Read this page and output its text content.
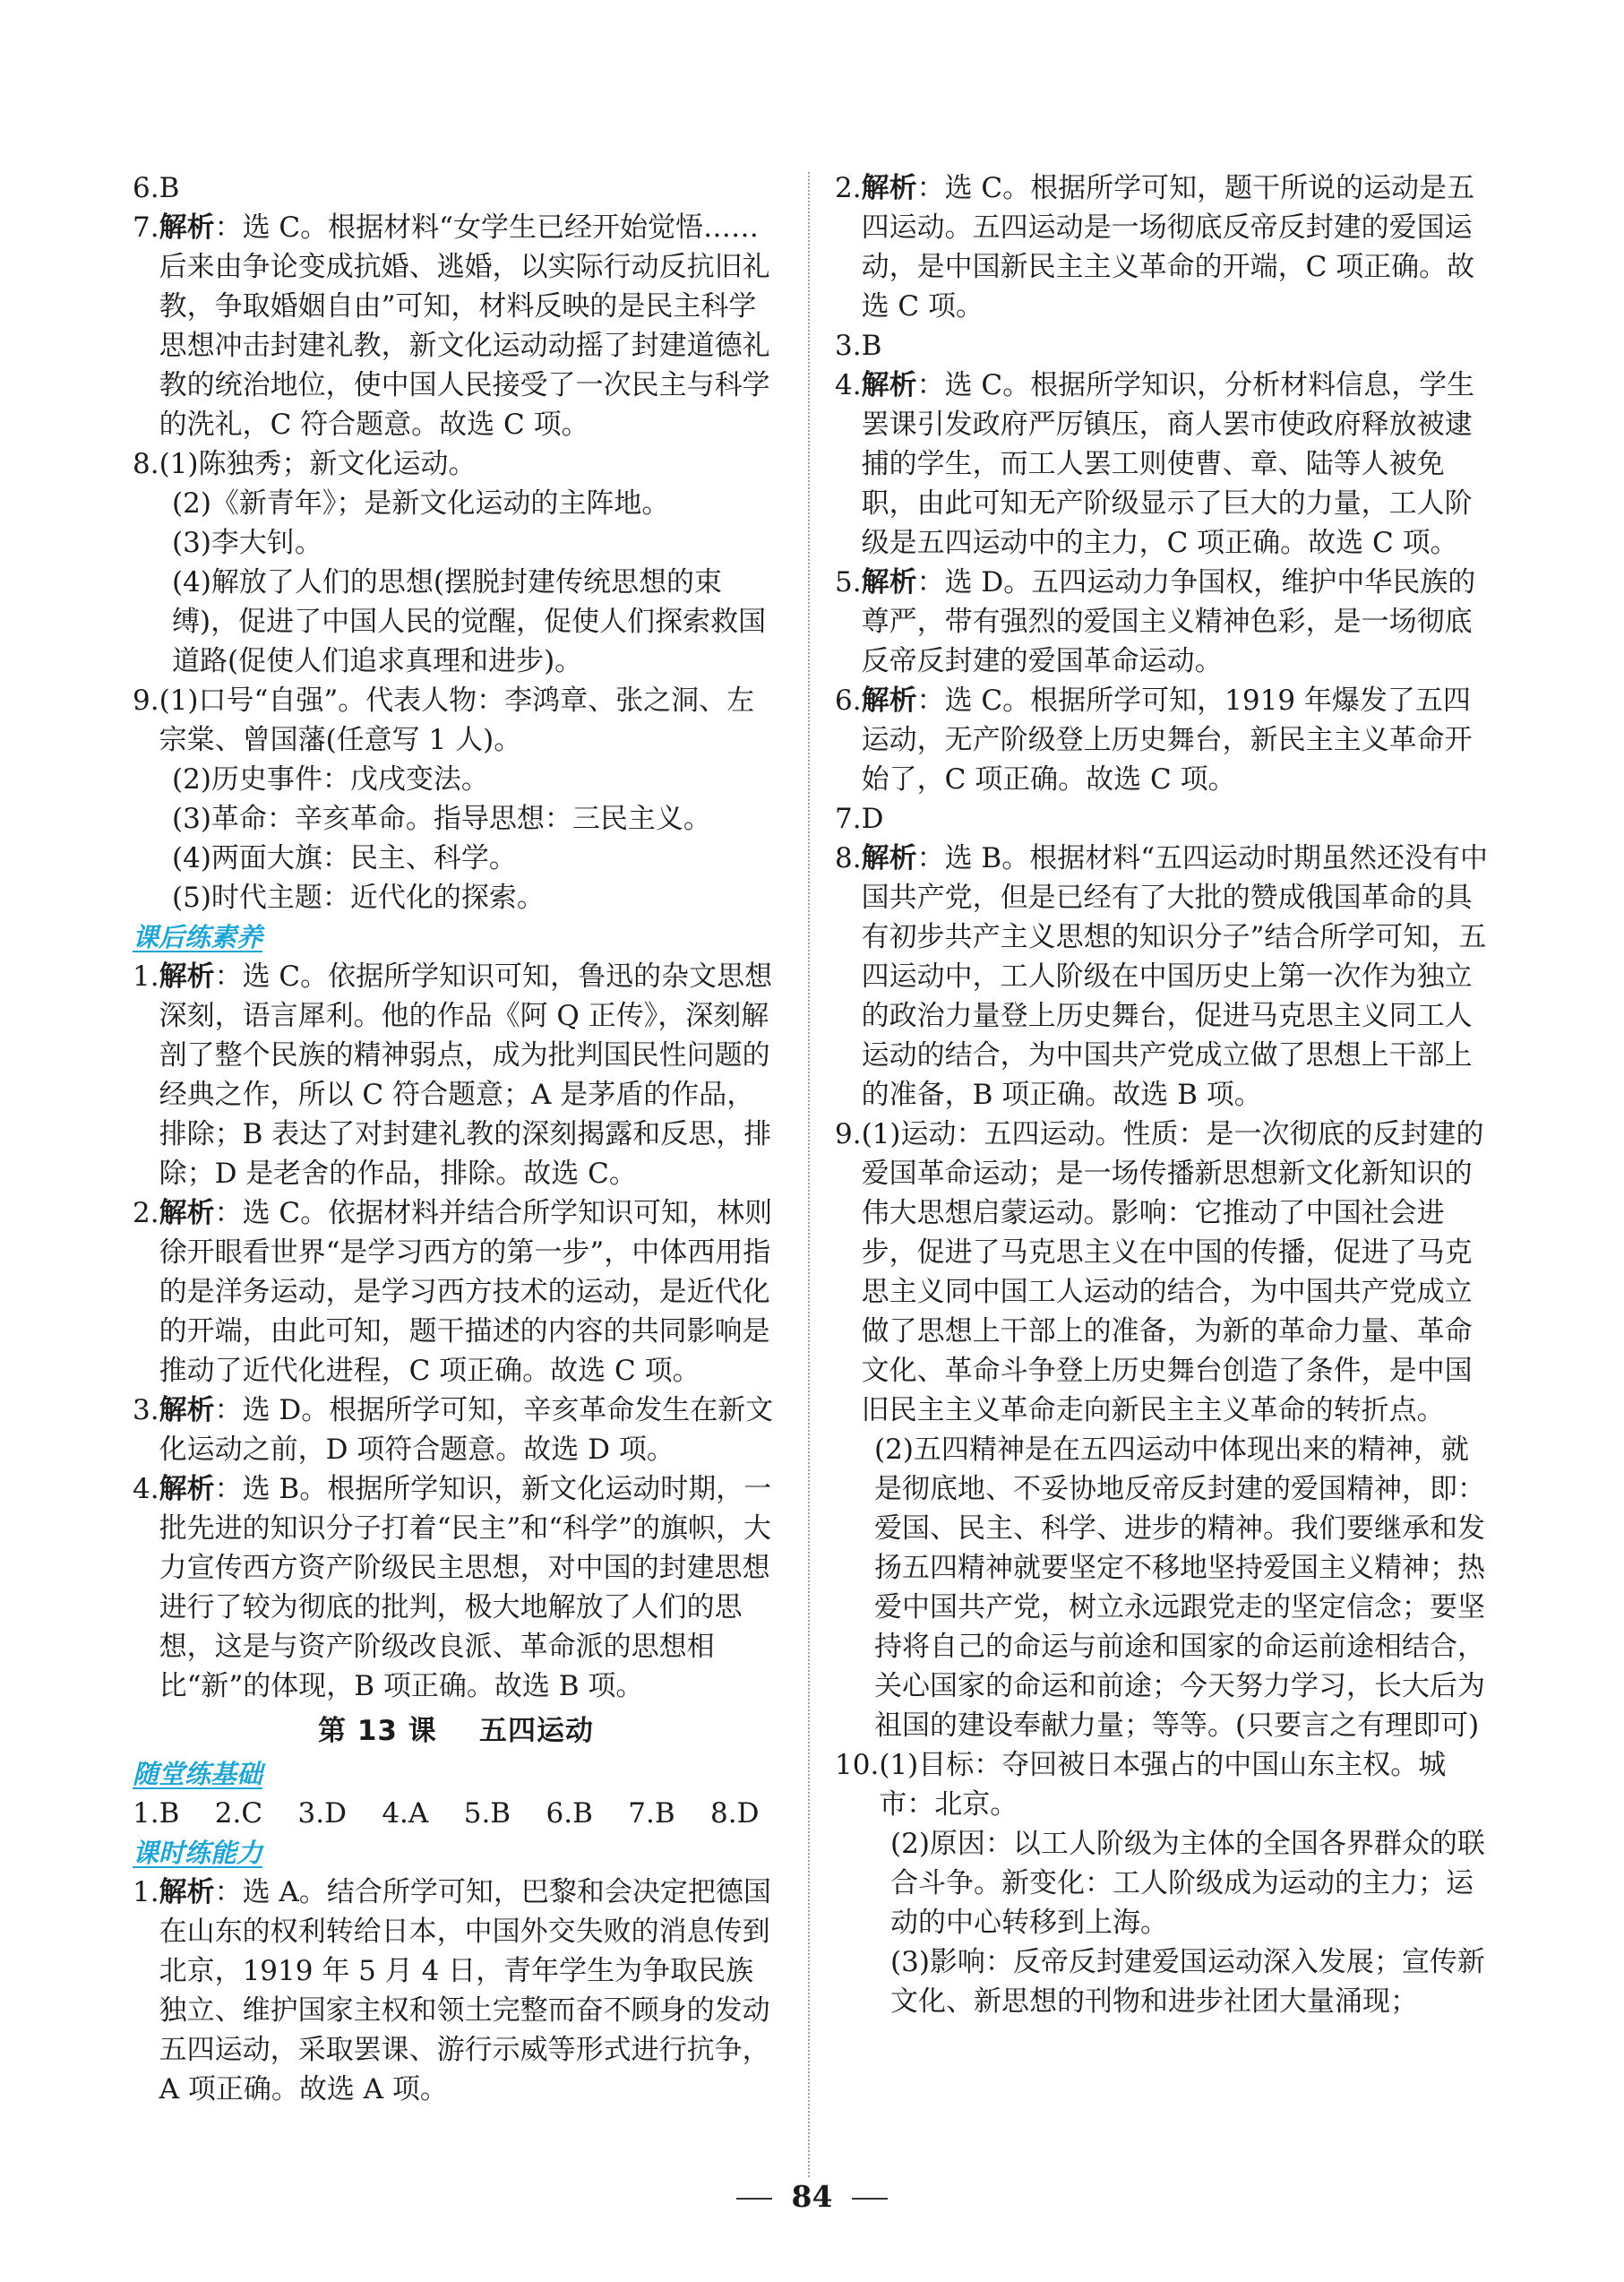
6. B
7. 解析：选 C。根据材料“女学生已经开始觉悟……后来由争论变成抗婚、逃婚，以实际行动反抗旧礼教，争取婚姻自由”可知，材料反映的是民主科学思想冲击封建礼教，新文化运动动摇了封建道德礼教的统治地位，使中国人民接受了一次民主与科学的洗礼，C 符合题意。故选 C 项。
8. (1)陈独秀；新文化运动。
(2)《新青年》；是新文化运动的主阵地。
(3)李大钊。
(4)解放了人们的思想(摆脱封建传统思想的束缚)，促进了中国人民的觉醒，促使人们探索救国道路(促使人们追求真理和进步)。
9. (1)口号“自强”。代表人物：李鸿章、张之洞、左宗棠、曾国藩(任意写 1 人)。
(2)历史事件：戊戌变法。
(3)革命：辛亥革命。指导思想：三民主义。
(4)两面大旗：民主、科学。
(5)时代主题：近代化的探索。
课后练素养
1. 解析：选 C。依据所学知识可知，鲁迅的杂文思想深刻，语言犀利。他的作品《阿 Q 正传》，深刻解剖了整个民族的精神弱点，成为批判国民性问题的经典之作，所以 C 符合题意；A 是茅盾的作品，排除；B 表达了对封建礼教的深刻揭露和反思，排除；D 是老舍的作品，排除。故选 C。
2. 解析：选 C。依据材料并结合所学知识可知，林则徐开眼看世界“是学习西方的第一步”，中体西用指的是洋务运动，是学习西方技术的运动，是近代化的开端，由此可知，题干描述的内容的共同影响是推动了近代化进程，C 项正确。故选 C 项。
3. 解析：选 D。根据所学可知，辛亥革命发生在新文化运动之前，D 项符合题意。故选 D 项。
4. 解析：选 B。根据所学知识，新文化运动时期，一批先进的知识分子打着“民主”和“科学”的旗帜，大力宣传西方资产阶级民主思想，对中国的封建思想进行了较为彻底的批判，极大地解放了人们的思想，这是与资产阶级改良派、革命派的思想相比“新”的体现，B 项正确。故选 B 项。
第 13 课    五四运动
随堂练基础
1.B    2.C    3.D    4.A    5.B    6.B    7.B    8.D
课时练能力
1. 解析：选 A。结合所学可知，巴黎和会决定把德国在山东的权利转给日本，中国外交失败的消息传到北京，1919 年 5 月 4 日，青年学生为争取民族独立、维护国家主权和领土完整而奋不顾身的发动五四运动，采取罢课、游行示威等形式进行抗争，A 项正确。故选 A 项。
2. 解析：选 C。根据所学可知，题干所说的运动是五四运动。五四运动是一场彻底反帝反封建的爱国运动，是中国新民主主义革命的开端，C 项正确。故选 C 项。
3. B
4. 解析：选 C。根据所学知识，分析材料信息，学生罢课引发政府严厉镇压，商人罢市使政府释放被逮捕的学生，而工人罢工则使曹、章、陆等人被免职，由此可知无产阶级显示了巨大的力量，工人阶级是五四运动中的主力，C 项正确。故选 C 项。
5. 解析：选 D。五四运动力争国权，维护中华民族的尊严，带有强烈的爱国主义精神色彩，是一场彻底反帝反封建的爱国革命运动。
6. 解析：选 C。根据所学可知，1919 年爆发了五四运动，无产阶级登上历史舞台，新民主主义革命开始了，C 项正确。故选 C 项。
7. D
8. 解析：选 B。根据材料“五四运动时期虽然还没有中国共产党，但是已经有了大批的赞成俄国革命的具有初步共产主义思想的知识分子”结合所学可知，五四运动中，工人阶级在中国历史上第一次作为独立的政治力量登上历史舞台，促进马克思主义同工人运动的结合，为中国共产党成立做了思想上干部上的准备，B 项正确。故选 B 项。
9. (1)运动：五四运动。性质：是一次彻底的反封建的爱国革命运动；是一场传播新思想新文化新知识的伟大思想启蒙运动。影响：它推动了中国社会进步，促进了马克思主义在中国的传播，促进了马克思主义同中国工人运动的结合，为中国共产党成立做了思想上干部上的准备，为新的革命力量、革命文化、革命斗争登上历史舞台创造了条件，是中国旧民主主义革命走向新民主主义革命的转折点。
(2)五四精神是在五四运动中体现出来的精神，就是彻底地、不妥协地反帝反封建的爱国精神，即：爱国、民主、科学、进步的精神。我们要继承和发扬五四精神就要坚定不移地坚持爱国主义精神；热爱中国共产党，树立永远跟党走的坚定信念；要坚持将自己的命运与前途和国家的命运前途相结合，关心国家的命运和前途；今天努力学习，长大后为祖国的建设奉献力量；等等。(只要言之有理即可)
10. (1)目标：夺回被日本强占的中国山东主权。城市：北京。
(2)原因：以工人阶级为主体的全国各界群众的联合斗争。新变化：工人阶级成为运动的主力；运动的中心转移到上海。
(3)影响：反帝反封建爱国运动深入发展；宣传新文化、新思想的刊物和进步社团大量涌现；
84
